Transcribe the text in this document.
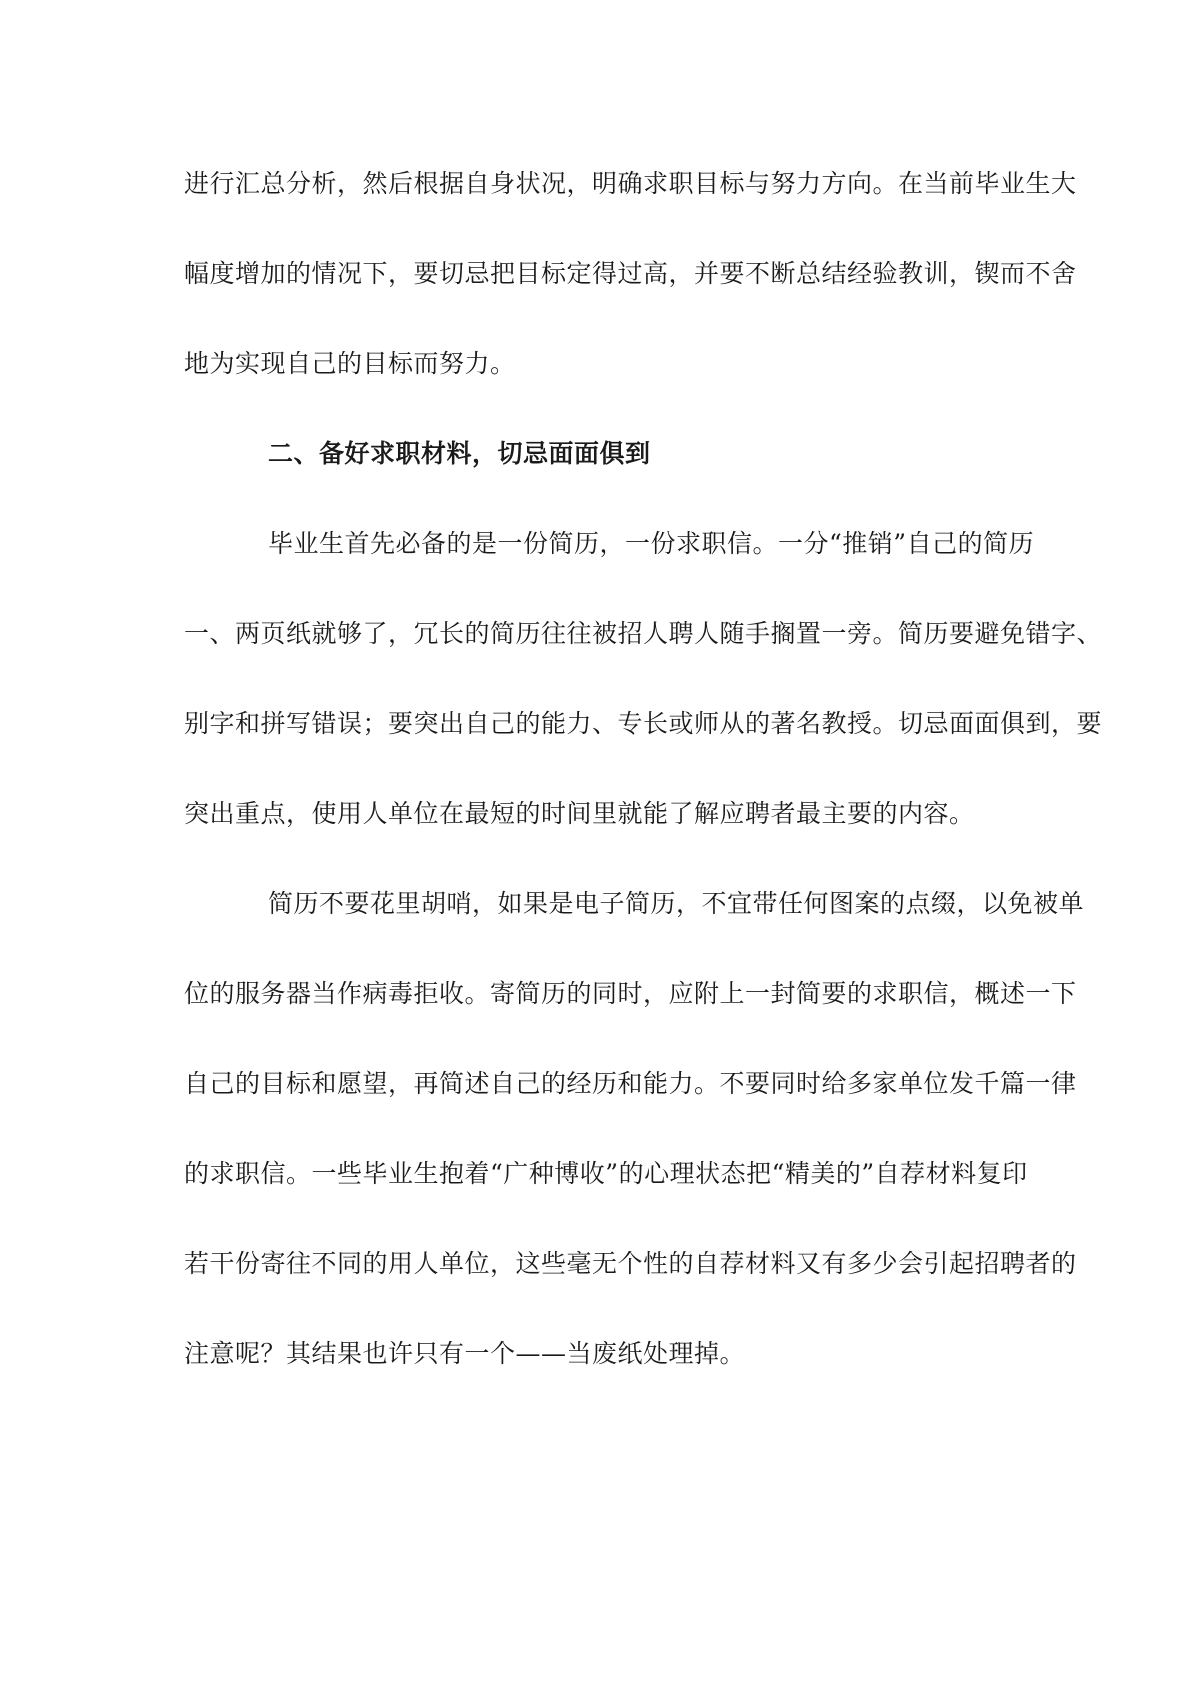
进行汇总分析，然后根据自身状况，明确求职目标与努力方向。在当前毕业生大
幅度增加的情况下，要切忌把目标定得过高，并要不断总结经验教训，锲而不舍
地为实现自己的目标而努力。
二、备好求职材料，切忌面面俱到
毕业生首先必备的是一份简历，一份求职信。一分“推销”自己的简历
一、两页纸就够了，冗长的简历往往被招人聘人随手搁置一旁。简历要避免错字、
别字和拼写错误；要突出自己的能力、专长或师从的著名教授。切忌面面俱到，要
突出重点，使用人单位在最短的时间里就能了解应聘者最主要的内容。
简历不要花里胡哨，如果是电子简历，不宜带任何图案的点缀，以免被单
位的服务器当作病毒拒收。寄简历的同时，应附上一封简要的求职信，概述一下
自己的目标和愿望，再简述自己的经历和能力。不要同时给多家单位发千篇一律
的求职信。一些毕业生抱着“广种博收”的心理状态把“精美的”自荐材料复印
若干份寄往不同的用人单位，这些毫无个性的自荐材料又有多少会引起招聘者的
注意呢？其结果也许只有一个——当废纸处理掉。
